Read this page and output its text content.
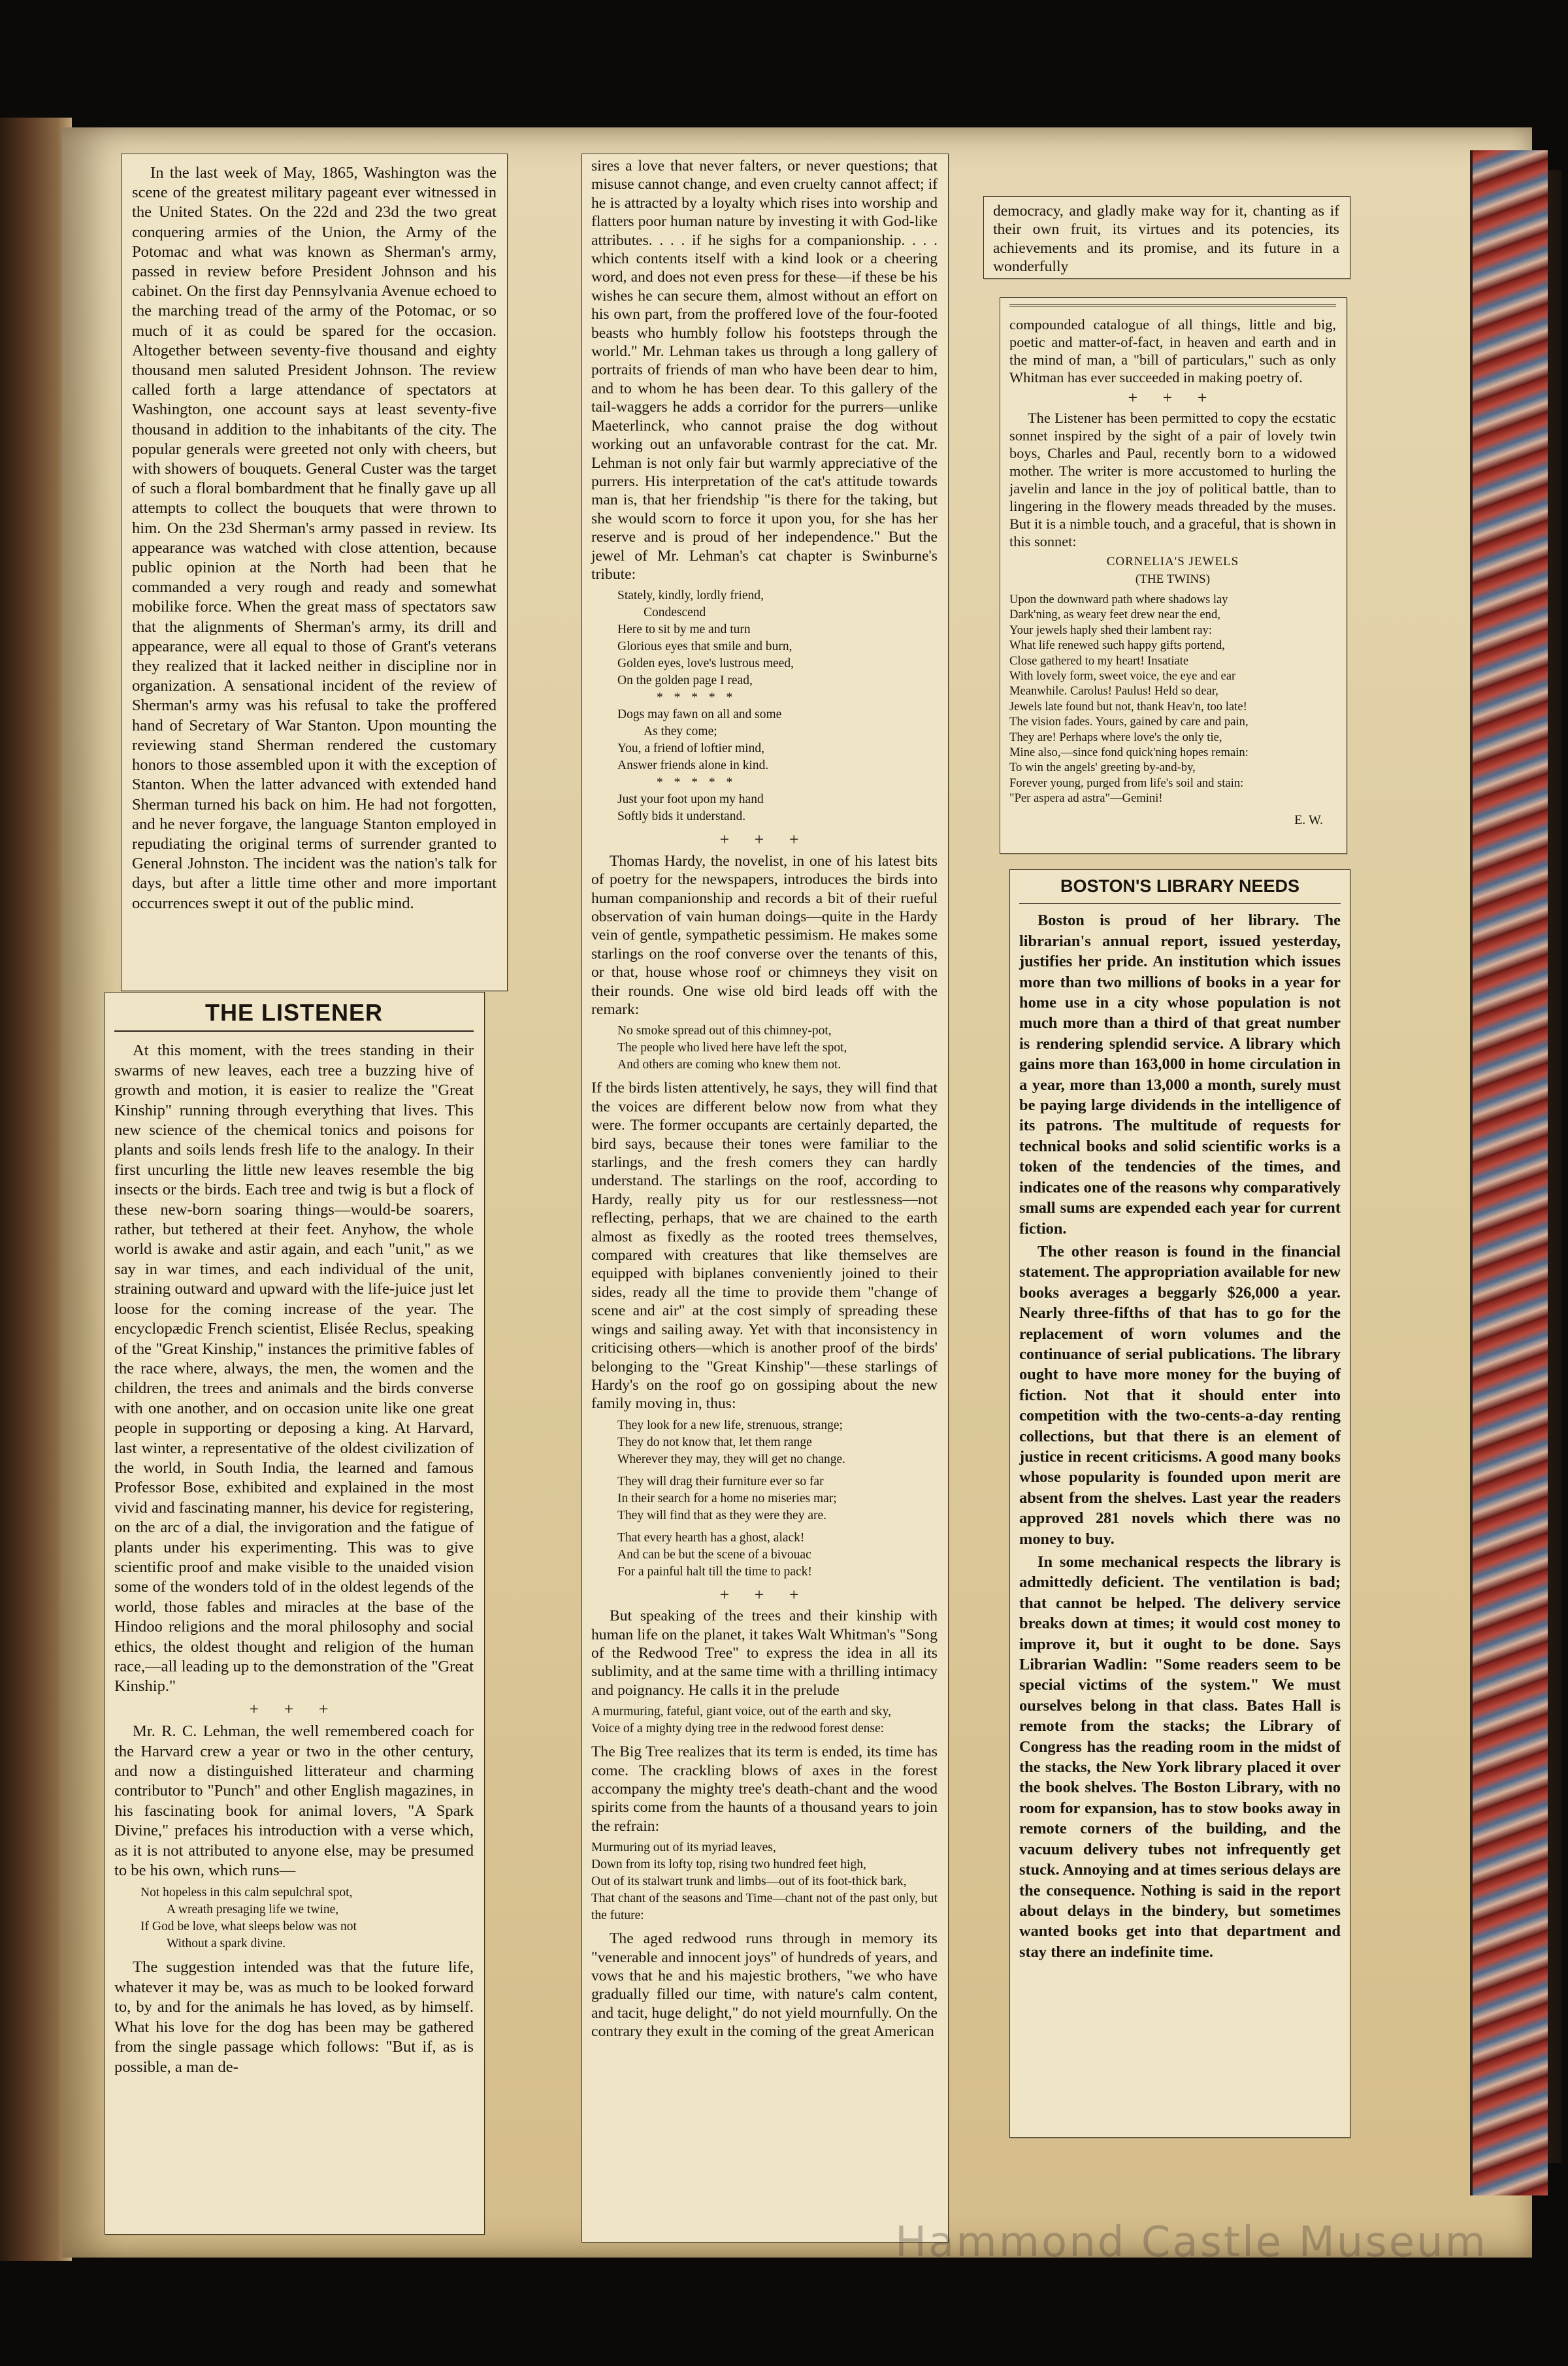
In the last week of May, 1865, Washington was the scene of the greatest military pageant ever witnessed in the United States. On the 22d and 23d the two great conquering armies of the Union, the Army of the Potomac and what was known as Sherman's army, passed in review before President Johnson and his cabinet. On the first day Pennsylvania Avenue echoed to the marching tread of the army of the Potomac, or so much of it as could be spared for the occasion. Altogether between seventy-five thousand and eighty thousand men saluted President Johnson. The review called forth a large attendance of spectators at Washington, one account says at least seventy-five thousand in addition to the inhabitants of the city. The popular generals were greeted not only with cheers, but with showers of bouquets. General Custer was the target of such a floral bombardment that he finally gave up all attempts to collect the bouquets that were thrown to him. On the 23d Sherman's army passed in review. Its appearance was watched with close attention, because public opinion at the North had been that he commanded a very rough and ready and somewhat mobilike force. When the great mass of spectators saw that the alignments of Sherman's army, its drill and appearance, were all equal to those of Grant's veterans they realized that it lacked neither in discipline nor in organization. A sensational incident of the review of Sherman's army was his refusal to take the proffered hand of Secretary of War Stanton. Upon mounting the reviewing stand Sherman rendered the customary honors to those assembled upon it with the exception of Stanton. When the latter advanced with extended hand Sherman turned his back on him. He had not forgotten, and he never forgave, the language Stanton employed in repudiating the original terms of surrender granted to General Johnston. The incident was the nation's talk for days, but after a little time other and more important occurrences swept it out of the public mind.

THE LISTENER

At this moment, with the trees standing in their swarms of new leaves, each tree a buzzing hive of growth and motion, it is easier to realize the "Great Kinship" running through everything that lives. This new science of the chemical tonics and poisons for plants and soils lends fresh life to the analogy. In their first uncurling the little new leaves resemble the big insects or the birds. Each tree and twig is but a flock of these new-born soaring things—would-be soarers, rather, but tethered at their feet. Anyhow, the whole world is awake and astir again, and each "unit," as we say in war times, and each individual of the unit, straining outward and upward with the life-juice just let loose for the coming increase of the year. The encyclopædic French scientist, Elisée Reclus, speaking of the "Great Kinship," instances the primitive fables of the race where, always, the men, the women and the children, the trees and animals and the birds converse with one another, and on occasion unite like one great people in supporting or deposing a king. At Harvard, last winter, a representative of the oldest civilization of the world, in South India, the learned and famous Professor Bose, exhibited and explained in the most vivid and fascinating manner, his device for registering, on the arc of a dial, the invigoration and the fatigue of plants under his experimenting. This was to give scientific proof and make visible to the unaided vision some of the wonders told of in the oldest legends of the world, those fables and miracles at the base of the Hindoo religions and the moral philosophy and social ethics, the oldest thought and religion of the human race,—all leading up to the demonstration of the "Great Kinship."

+ + +

Mr. R. C. Lehman, the well remembered coach for the Harvard crew a year or two in the other century, and now a distinguished litterateur and charming contributor to "Punch" and other English magazines, in his fascinating book for animal lovers, "A Spark Divine," prefaces his introduction with a verse which, as it is not attributed to anyone else, may be presumed to be his own, which runs—

Not hopeless in this calm sepulchral spot,
A wreath presaging life we twine,
If God be love, what sleeps below was not
Without a spark divine.

The suggestion intended was that the future life, whatever it may be, was as much to be looked forward to, by and for the animals he has loved, as by himself. What his love for the dog has been may be gathered from the single passage which follows: "But if, as is possible, a man de-

sires a love that never falters, or never questions; that misuse cannot change, and even cruelty cannot affect; if he is attracted by a loyalty which rises into worship and flatters poor human nature by investing it with God-like attributes. . . . if he sighs for a companionship. . . . which contents itself with a kind look or a cheering word, and does not even press for these—if these be his wishes he can secure them, almost without an effort on his own part, from the proffered love of the four-footed beasts who humbly follow his footsteps through the world." Mr. Lehman takes us through a long gallery of portraits of friends of man who have been dear to him, and to whom he has been dear. To this gallery of the tail-waggers he adds a corridor for the purrers—unlike Maeterlinck, who cannot praise the dog without working out an unfavorable contrast for the cat. Mr. Lehman is not only fair but warmly appreciative of the purrers. His interpretation of the cat's attitude towards man is, that her friendship "is there for the taking, but she would scorn to force it upon you, for she has her reserve and is proud of her independence." But the jewel of Mr. Lehman's cat chapter is Swinburne's tribute:

Stately, kindly, lordly friend,
Condescend
Here to sit by me and turn
Glorious eyes that smile and burn,
Golden eyes, love's lustrous meed,
On the golden page I read,
* * * * *
Dogs may fawn on all and some
As they come;
You, a friend of loftier mind,
Answer friends alone in kind.
* * * * *
Just your foot upon my hand
Softly bids it understand.
+ + +

Thomas Hardy, the novelist, in one of his latest bits of poetry for the newspapers, introduces the birds into human companionship and records a bit of their rueful observation of vain human doings—quite in the Hardy vein of gentle, sympathetic pessimism. He makes some starlings on the roof converse over the tenants of this, or that, house whose roof or chimneys they visit on their rounds. One wise old bird leads off with the remark:

No smoke spread out of this chimney-pot,
The people who lived here have left the spot,
And others are coming who knew them not.

If the birds listen attentively, he says, they will find that the voices are different below now from what they were. The former occupants are certainly departed, the bird says, because their tones were familiar to the starlings, and the fresh comers they can hardly understand. The starlings on the roof, according to Hardy, really pity us for our restlessness—not reflecting, perhaps, that we are chained to the earth almost as fixedly as the rooted trees themselves, compared with creatures that like themselves are equipped with biplanes conveniently joined to their sides, ready all the time to provide them "change of scene and air" at the cost simply of spreading these wings and sailing away. Yet with that inconsistency in criticising others—which is another proof of the birds' belonging to the "Great Kinship"—these starlings of Hardy's on the roof go on gossiping about the new family moving in, thus:

They look for a new life, strenuous, strange;
They do not know that, let them range
Wherever they may, they will get no change.
They will drag their furniture ever so far
In their search for a home no miseries mar;
They will find that as they were they are.
That every hearth has a ghost, alack!
And can be but the scene of a bivouac
For a painful halt till the time to pack!
+ + +

But speaking of the trees and their kinship with human life on the planet, it takes Walt Whitman's "Song of the Redwood Tree" to express the idea in all its sublimity, and at the same time with a thrilling intimacy and poignancy. He calls it in the prelude

A murmuring, fateful, giant voice, out of the earth and sky,
Voice of a mighty dying tree in the redwood forest dense:

The Big Tree realizes that its term is ended, its time has come. The crackling blows of axes in the forest accompany the mighty tree's death-chant and the wood spirits come from the haunts of a thousand years to join the refrain:

Murmuring out of its myriad leaves,
Down from its lofty top, rising two hundred feet high,
Out of its stalwart trunk and limbs—out of its foot-thick bark,
That chant of the seasons and Time—chant not of the past only, but the future:

The aged redwood runs through in memory its "venerable and innocent joys" of hundreds of years, and vows that he and his majestic brothers, "we who have gradually filled our time, with nature's calm content, and tacit, huge delight," do not yield mournfully. On the contrary they exult in the coming of the great American

democracy, and gladly make way for it, chanting as if their own fruit, its virtues and its potencies, its achievements and its promise, and its future in a wonderfully

compounded catalogue of all things, little and big, poetic and matter-of-fact, in heaven and earth and in the mind of man, a "bill of particulars," such as only Whitman has ever succeeded in making poetry of.

+ + +

The Listener has been permitted to copy the ecstatic sonnet inspired by the sight of a pair of lovely twin boys, Charles and Paul, recently born to a widowed mother. The writer is more accustomed to hurling the javelin and lance in the joy of political battle, than to lingering in the flowery meads threaded by the muses. But it is a nimble touch, and a graceful, that is shown in this sonnet:

CORNELIA'S JEWELS
(THE TWINS)
Upon the downward path where shadows lay
Dark'ning, as weary feet drew near the end,
Your jewels haply shed their lambent ray:
What life renewed such happy gifts portend,
Close gathered to my heart! Insatiate
With lovely form, sweet voice, the eye and ear
Meanwhile. Carolus! Paulus! Held so dear,
Jewels late found but not, thank Heav'n, too late!
The vision fades. Yours, gained by care and pain,
They are! Perhaps where love's the only tie,
Mine also,—since fond quick'ning hopes remain:
To win the angels' greeting by-and-by,
Forever young, purged from life's soil and stain:
"Per aspera ad astra"—Gemini!
E. W.
BOSTON'S LIBRARY NEEDS

Boston is proud of her library. The librarian's annual report, issued yesterday, justifies her pride. An institution which issues more than two millions of books in a year for home use in a city whose population is not much more than a third of that great number is rendering splendid service. A library which gains more than 163,000 in home circulation in a year, more than 13,000 a month, surely must be paying large dividends in the intelligence of its patrons. The multitude of requests for technical books and solid scientific works is a token of the tendencies of the times, and indicates one of the reasons why comparatively small sums are expended each year for current fiction.

The other reason is found in the financial statement. The appropriation available for new books averages a beggarly $26,000 a year. Nearly three-fifths of that has to go for the replacement of worn volumes and the continuance of serial publications. The library ought to have more money for the buying of fiction. Not that it should enter into competition with the two-cents-a-day renting collections, but that there is an element of justice in recent criticisms. A good many books whose popularity is founded upon merit are absent from the shelves. Last year the readers approved 281 novels which there was no money to buy.

In some mechanical respects the library is admittedly deficient. The ventilation is bad; that cannot be helped. The delivery service breaks down at times; it would cost money to improve it, but it ought to be done. Says Librarian Wadlin: "Some readers seem to be special victims of the system." We must ourselves belong in that class. Bates Hall is remote from the stacks; the Library of Congress has the reading room in the midst of the stacks, the New York library placed it over the book shelves. The Boston Library, with no room for expansion, has to stow books away in remote corners of the building, and the vacuum delivery tubes not infrequently get stuck. Annoying and at times serious delays are the consequence. Nothing is said in the report about delays in the bindery, but sometimes wanted books get into that department and stay there an indefinite time.

Hammond Castle Museum
